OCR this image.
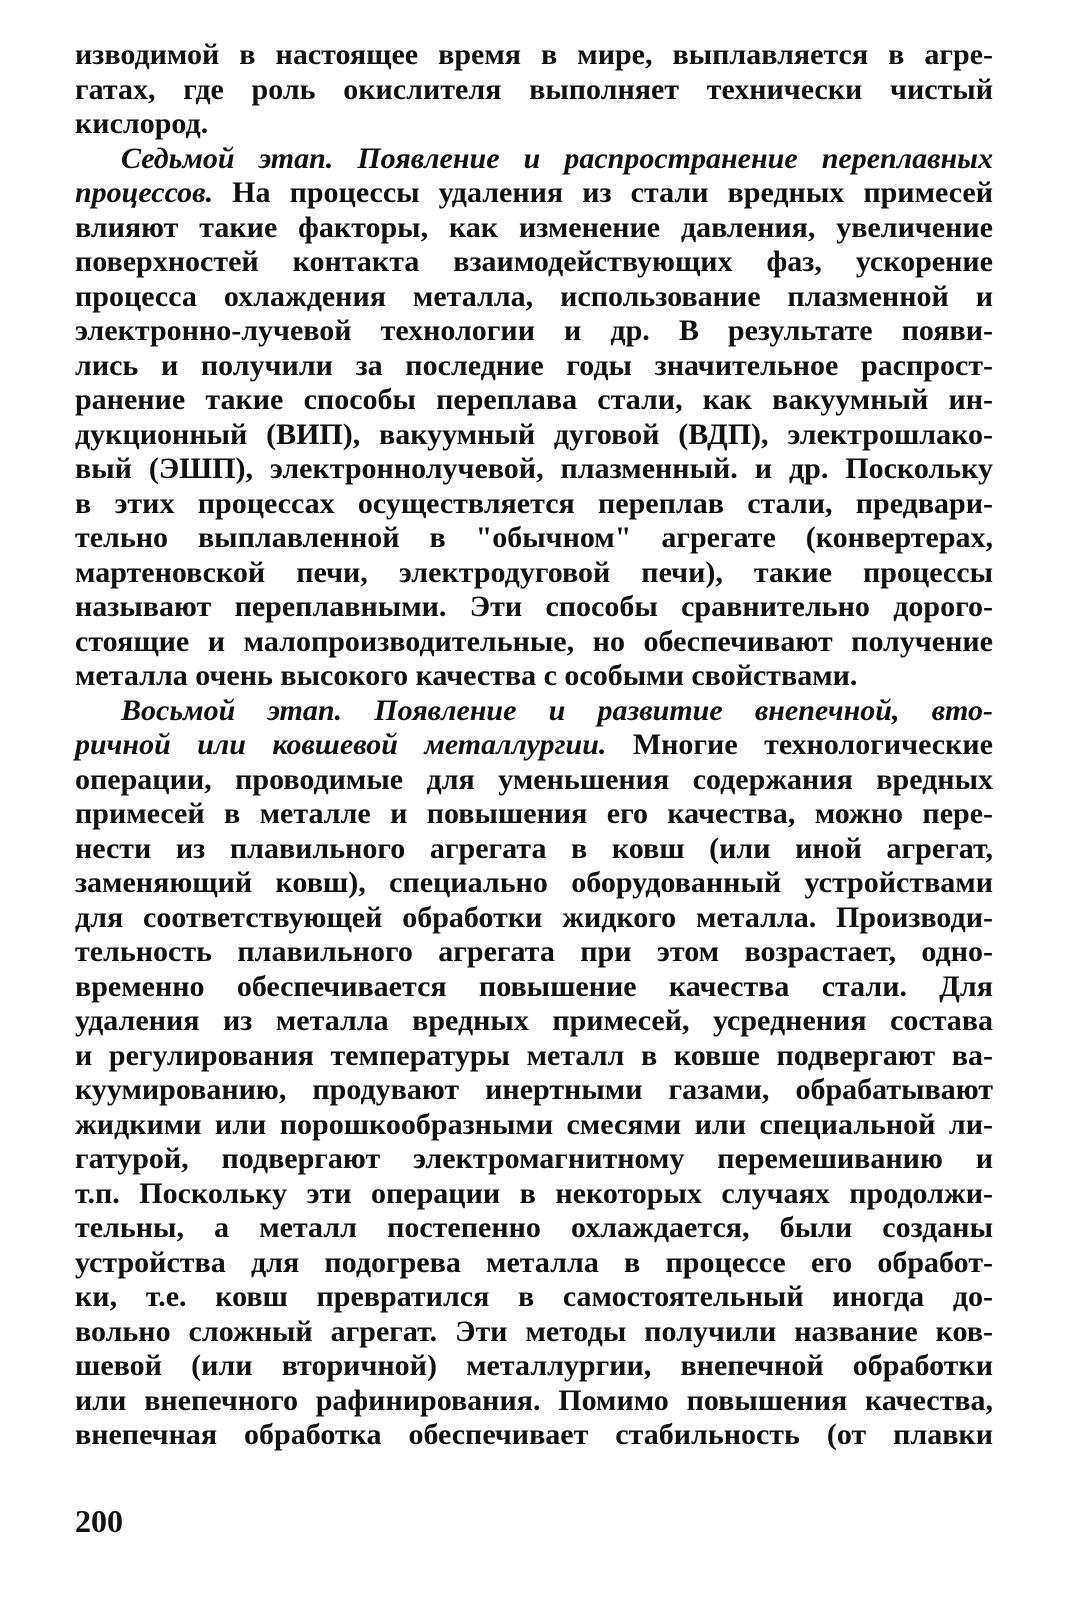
изводимой в настоящее время в мире, выплавляется в агре-
гатах, где роль окислителя выполняет технически чистый
кислород.

Седьмой этап. Появление и распространение переплавных
процессов. На процессы удаления из стали вредных примесей
влияют такие факторы, как изменение давления, увеличение
поверхностей контакта взаимодействующих фаз, ускорение
процесса охлаждения металла, использование плазменной и
электронно-лучевой технологии и др. В результате появи-
лись и получили за последние годы значительное распрост-
ранение такие способы переплава стали, как вакуумный ин-
дукционный (ВИП), вакуумный дуговой (ВДП), электрошлако-
вый (ЭШП), электроннолучевой, плазменный. и др. Поскольку
в этих процессах осуществляется переплав стали, предвари-
тельно выплавленной в "обычном" агрегате (конвертерах,
мартеновской печи, электродуговой печи), такие процессы
называют переплавными. Эти способы сравнительно дорого-
стоящие и малопроизводительные, но обеспечивают получение
металла очень высокого качества с особыми свойствами.

Восьмой этап. Появление и развитие внепечной, вто-
ричной или ковшевой металлургии. Многие технологические
операции, проводимые для уменьшения содержания вредных
примесей в металле и повышения его качества, можно пере-
нести из плавильного агрегата в ковш (или иной агрегат,
заменяющий ковш), специально оборудованный устройствами
для соответствующей обработки жидкого металла. Производи-
тельность плавильного агрегата при этом возрастает, одно-
временно обеспечивается повышение качества стали. Для
удаления из металла вредных примесей, усреднения состава
и регулирования температуры металл в ковше подвергают ва-
куумированию, продувают инертными газами, обрабатывают
жидкими или порошкообразными смесями или специальной ли-
гатурой, подвергают электромагнитному перемешиванию и
т.п. Поскольку эти операции в некоторых случаях продолжи-
тельны, а металл постепенно охлаждается, были созданы
устройства для подогрева металла в процессе его обработ-
ки, т.е. ковш превратился в самостоятельный иногда до-
вольно сложный агрегат. Эти методы получили название ков-
шевой (или вторичной) металлургии, внепечной обработки
или внепечного рафинирования. Помимо повышения качества,
внепечная обработка обеспечивает стабильность (от плавки

200
